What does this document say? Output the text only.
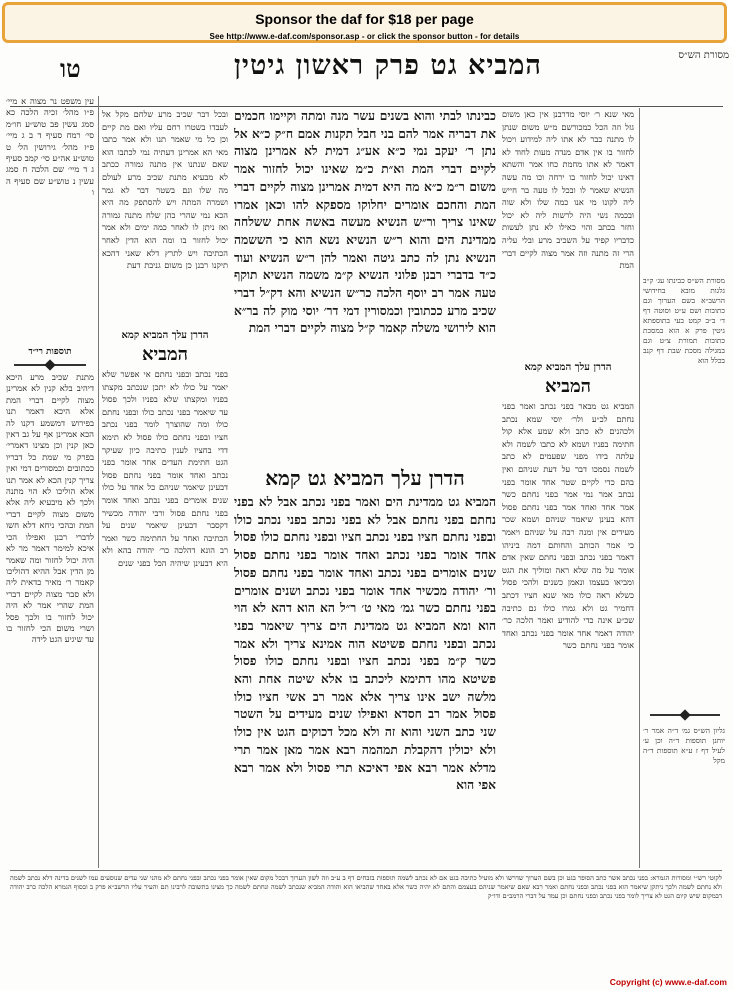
Sponsor the daf for $18 per page
See http://www.e-daf.com/sponsor.asp - or click the sponsor button - for details
טו	המביא גט פרק ראשון גיטין	מסורת הש״ס
עין משפט נר מצוה א מיי׳ פ״ו מהל׳ זכיה הלכה כא סמג עשין פב טוש״ע חו״מ סי׳ רמח סעיף ד ב ג מיי׳ פ״ז מהל׳ גירושין הל׳ ט טוש״ע אה״ע סי׳ קמב סעיף ג ד מיי׳ שם הלכה ח סמג עשין נ טוש״ע שם סעיף ה ו
תוספות רי״ד
מתנת שכיב מרע היכא דיהיב בלא קנין לא אמרינן מצוה לקיים דברי המת אלא היכא דאמר תנו בפירוש דמשמע דקנו לה הכא אמרינן אף על גב דאין כאן קנין וכן מצינו דאמרי׳ בפרק מי שמת כל דבריו ככתובים וכמסורים דמי ואין צריך קנין הכא לא אמר תנו אלא הוליכו לא הוי מתנה ולכך לא מיבעיא ליה אלא משום מצוה לקיים דברי המת ובהכי ניחא דלא חשו לדברי רבנן ואפילו הכי איכא למימר דאמר מר לא היה יכול לחזור ומה שאמר מן הדין אבל ההיא דהוליכו קאמר ר׳ מאיר כדאית ליה ולא סבר מצוה לקיים דברי המת שהרי אמר לא היה יכול לחזור בו ולכך פסל ושרי משום הכי לחזור בו עד שיגיע הגט לידה
ובכל דבר שכיב מרע שלחם מקל אל לעבדו בשטרו רחם עליו ואם מת קיים וכן כל מי שאמר תנו ולא אמר כתבו מאי הא אמרינן דעתיה נמי לכתבו הוא שאם שנתנו אין מתנה גמורה ככתב לא מבעיא מתנת שכיב מרע לעולם מה שלו ונם בשטר דבר לא גמר ושמרה המתה ויש להסתפק מה היא הכא נמי שהרי כהן שלח מתנה גמורה ואז ניתן לו לאחר כמה ימים ולא אמר יכול לחזור בו ומה הוא הדין לאחר הכתיבה ויש לתרץ דלא שאני דהכא תיקנו רבנן כן משום גניבת דעת
הדרן עלך המביא קמא
המביא
בפני נכתב ובפני נחתם אי אפשר שלא יאמר על כולו לא יתכן שנכתב מקצתו בפניו ומקצתו שלא בפניו ולכך פסול עד שיאמר בפני נכתב כולו ובפני נחתם כולו ומה שהוצרך לומר בפני נכתב חציו ובפני נחתם כולו פסול לא תימא דדי בחציו לענין כתיבה כיון שעיקר הגט חתימת העדים אחד אומר בפני נכתב ואחד אומר בפני נחתם פסול דבעינן שיאמר שניהם כל אחד על כולו שנים אומרים בפני נכתב ואחד אומר בפני נחתם פסול ורבי יהודה מכשיר דקסבר דבעינן שיאמר שנים על הכתיבה ואחד על החתימה כשר ואמר רב הונא דהלכה כר׳ יהודה בהא ולא היא דבעינן שיהיה הכל בפני שנים
כבינתו לבתי והוא בשנים עשר מנה ומתה וקיימו חכמים את דבריה אמר להם בני חבל תקנות אמם ח״ק כ״א אל נתן ר׳ יעקב נמי כ״א אע״ג דמית לא אמרינן מצוה לקיים דברי המת וא״ת כ״מ שאינו יכול לחזור אמר משום ר״מ כ״א מה היא דמית אמרינן מצוה לקיים דברי המת והחכם אומרים יחלוקו מספקא להו וכאן אמרו שאינו צריך ור״ש הנשיא מעשה באשה אחת ששלחה ממדינת הים והוא ר״ש הנשיא נשא הוא כי הששמה הנשיא נתן לה כתב גיטה ואמר להן ר״ש הנשיא ועוד כ״ד בדברי רבנן פלוני הנשיא ק״מ משמה הנשיא תוקף טעה אמר רב יוסף הלכה כר״ש הנשיא והא דק״ל דברי שכיב מרע ככתובין וכמסורין דמי דר׳ יוסי מוק לה בר״א הוא לירושי משלה קאמר ק״ל מצוה לקיים דברי המת
הדרן עלך המביא גט קמא
המביא גט ממדינת הים ואמר בפני נכתב אבל לא בפני נחתם בפני נחתם אבל לא בפני נכתב בפני נכתב כולו ובפני נחתם חציו בפני נכתב חציו ובפני נחתם כולו פסול אחד אומר בפני נכתב ואחד אומר בפני נחתם פסול שנים אומרים בפני נכתב ואחד אומר בפני נחתם פסול ור׳ יהודה מכשיר אחד אומר בפני נכתב ושנים אומרים בפני נחתם כשר גמ׳ מאי ט׳ ר״ל הא הוא דהא לא הוי הוא ומא המביא גט ממדינת הים צריך שיאמר בפני נכתב ובפני נחתם פשיטא הוה אמינא צריך ולא אמר כשר ק״מ בפני נכתב חציו ובפני נחתם כולו פסול פשיטא מהו דתימא ליכתב בו אלא שיטה אחת והא מלשה ישב אינו צריך אלא אמר רב אשי חציו כולו פסול אמר רב חסדא ואפילו שנים מעידים על השטר שני כתב השני והוא זה ולא מכל דכוקים הגט אין כולו ולא יכולין דהקבלת תמהמה רבא אמר מאן אמר תרי מדלא אמר רבא אפי דאיכא תרי פסול ולא אמר רבא אפי הוא
מאי שנא ר׳ יוסי מדרבנן אין כאן משום גזל וזה הכל כמכורשם מ״ש משום שנתן לו מתנה כבר לא אתו ליה למידוע ויכול לחזור בו אין אדם מנדה מעות לחוד לא דאמר לא אתו מחמת כחו אמר והשתא דאינו יכול לחזור בו ירחה וכו מה עשה הנשיא שאמר לו ובכל לו טעה בר חייש ליה לקונו מי אנו כמה שלו ולא שוה ובכמה נשי היה לרשות ליה לא יכול וחזר בכתב והוי כאילו לא נתן לעשות כדבריו קפיד על השכיב מרע ובלי עליה הרי זה מתנה וזה אמר מצוה לקיים דברי המת
הדרן עלך המביא קמא
המביא
המביא גט מבאר בפני נכתב ואמר בפני נחתם לכ״ע ולר׳ יוסי שמא נכתב ולכהנים לא כתב ולא שמע אלא קול חתימה בפניו ושמא לא כתבו לשמה ולא עלתה בידו מפני שפעמים לא כתב לשמה נסמכו דבר על דעת שניהם ואין בהם כדי לקיים שטר אחד אומר בפני נכתב אמר נמי אמר בפני נחתם כשר אמר אחד ואחד אמר בפני נחתם פסול דהא בעינן שיאמר שניהם ושמא שכר מעידים אין ומנה רבה על שניהם ויאמר כי אמר הכותב והחותם דמה ביניהו דאמר בפני נכתב ובפני נחתם שאין אדם אומר על מה שלא ראה ומוליך את הגט ומביאו בעצמו ונאמן כשנים ולהכי פסול כשלא ראה כולו מאי שנא חציו דכתב דחמיר גט ולא גמרו כולו גם כתיבה שכ״ע אינה כדי להודיע ואמר הלכה כר׳ יהודה דאמר אחד אומר בפני נכתב ואחד אומר בפני נחתם כשר
מסורת הש״ס כבינתו עג׳ ק״ב גלגות מובא בחידושי הרשב״א בשם הערוך וגם כתובות ושם ע״ט וסוטה דף ד׳ ב״ב קמט בעי בתוספתא גיטין פרק א הוא במסכת כתובות תמורת צ״ט וגם במגילה מסכת שבת דף קנב בכלל הוא
גליון הש״ס גמ׳ ד״ה אמר ר׳ יוחנן תוספות ד״ה וכן ע׳ לעיל דף ז ע״א תוספות ד״ה מקל
לקוטי רש״י ומסורות הגמרא: בפני נכתב אשר כתב הסופר בגט וכן בשם הערוך שדרשו ולא מועיל כתיבה בגט אם לא נכתב לשמה תוספות בזבחים דף ב ע״ב וזה לשון הערוך דבכל מקום שאין אומר בפני נכתב ובפני נחתם לא מהני שני עדים שנוסעים עמו לשנים בדינה דלא נכתב לשמה ולא נחתם לשמה ולכך ניתקן שיאמר הוא בפני נכתב ובפני נחתם ואמר רבא שאם שיאמר שניהם בעצמם והתם לא יהיה כשר אלא באחד שהביאו הוא והודה המביא שנכתב לשמה ונחתם לשמה כך מצינו בתשובה לרבינו תם והעיר עליו הרשב״א פרק ב ובסוף הגמרא הלכה כרב יהודה דבמקום שיש קיום הגט לא צריך לומר בפני נכתב ובפני נחתם וכן עמד על דברי הרמב״ם ודו״ק
Copyright (c) www.e-daf.com
